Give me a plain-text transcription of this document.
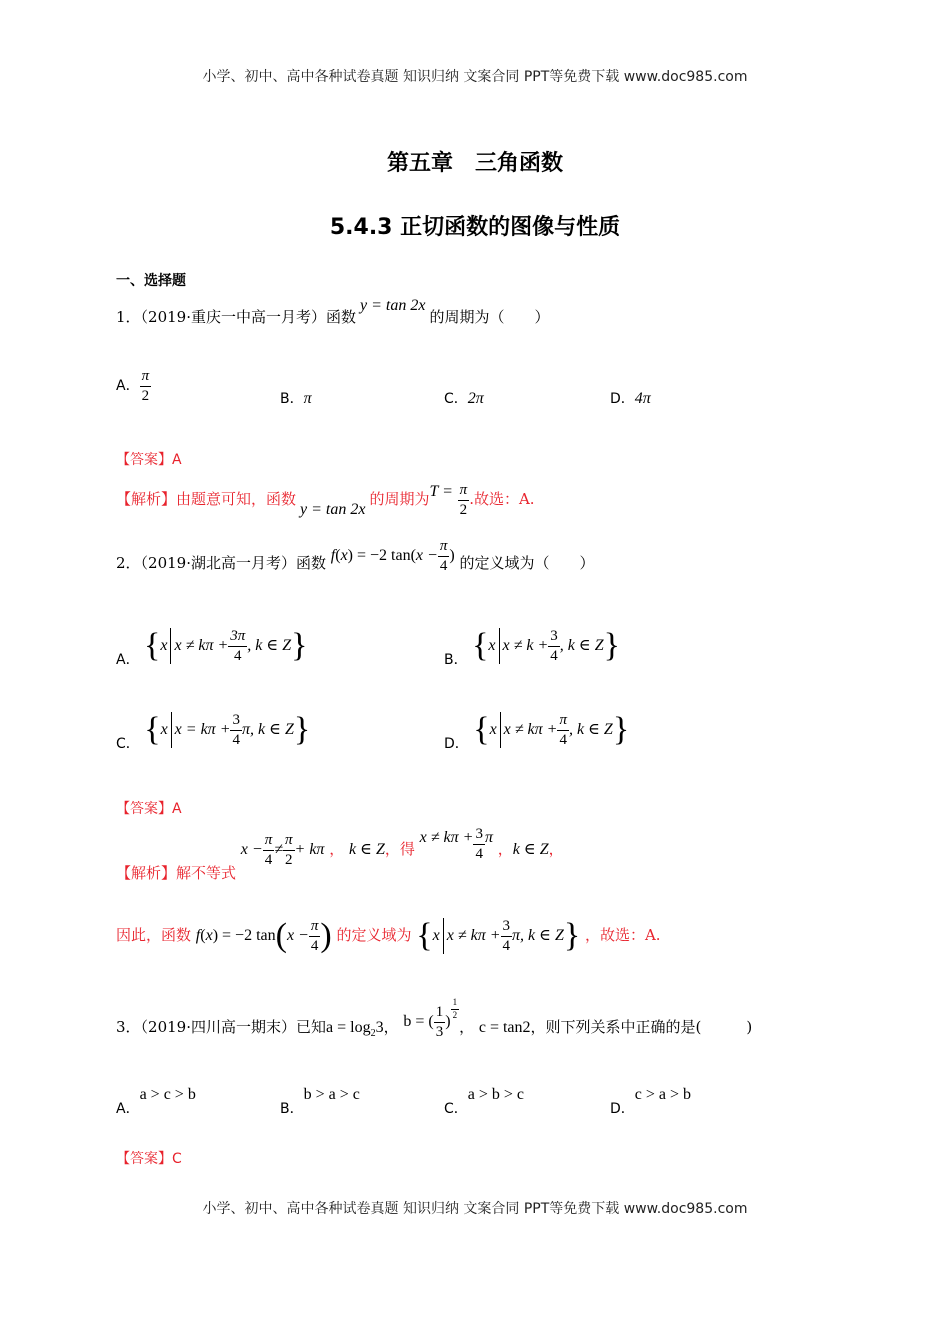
小学、初中、高中各种试卷真题 知识归纳 文案合同 PPT等免费下载 www.doc985.com
第五章　三角函数
5.4.3 正切函数的图像与性质
一、选择题
1．（2019·重庆一中高一月考）函数y = tan 2x的周期为（　　）
A． $\frac{\pi}{2}$	B．π	C．2π	D．4π
【答案】A
【解析】由题意可知，函数y = tan 2x的周期为$T = \frac{\pi}{2}$ .故选：A.
2．（2019·湖北高一月考）函数 f(x) = −2 $\tan(x - \frac{\pi}{4}$ ) 的定义域为（　　）
A． {x $x \ne k\pi + \frac{3\pi}{4}$ , k ∈ Z}	B． {x $x \ne k + \frac{3}{4}$ , k ∈ Z}
C． {x $x = k\pi + \frac{3}{4} \pi$, k ∈ Z}	D． {x $x \ne k\pi + \frac{\pi}{4}$ , k ∈ Z}
【答案】A
【解析】解不等式 $x - \frac{\pi}{4} \ne \frac{\pi}{2} + k\pi$ ， k ∈ Z，得 $x \ne k\pi + \frac{3}{4}$ π ，k ∈ Z，
因此，函数 f(x) = −2 $\tan(x - \frac{\pi}{4}$ ) 的定义域为 {x $x \ne k\pi + \frac{3}{4} \pi$, k ∈ Z} ，故选：A.
3．（2019·四川高一期末）已知$a = \log_23$， b = ( $\frac{1}{3}$ )
$^{\frac{1}{2}}$
， c = tan2，则下列关系中正确的是(　　　)
A．a > c > b
B．b > a > c
C．a > b > c
D．c > a > b
【答案】C
小学、初中、高中各种试卷真题 知识归纳 文案合同 PPT等免费下载 www.doc985.com
